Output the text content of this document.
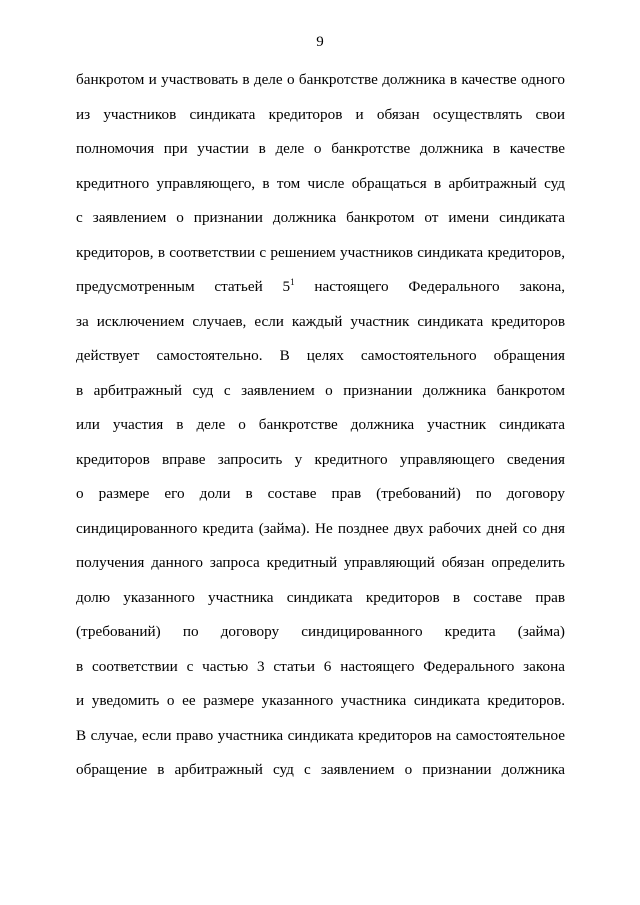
9
банкротом и участвовать в деле о банкротстве должника в качестве одного
из участников синдиката кредиторов и обязан осуществлять свои
полномочия при участии в деле о банкротстве должника в качестве
кредитного управляющего, в том числе обращаться в арбитражный суд
с заявлением о признании должника банкротом от имени синдиката
кредиторов, в соответствии с решением участников синдиката кредиторов,
предусмотренным статьей $5^1$ настоящего Федерального закона,
за исключением случаев, если каждый участник синдиката кредиторов
действует самостоятельно. В целях самостоятельного обращения
в арбитражный суд с заявлением о признании должника банкротом
или участия в деле о банкротстве должника участник синдиката
кредиторов вправе запросить у кредитного управляющего сведения
о размере его доли в составе прав (требований) по договору
синдицированного кредита (займа). Не позднее двух рабочих дней со дня
получения данного запроса кредитный управляющий обязан определить
долю указанного участника синдиката кредиторов в составе прав
(требований) по договору синдицированного кредита (займа)
в соответствии с частью 3 статьи 6 настоящего Федерального закона
и уведомить о ее размере указанного участника синдиката кредиторов.
В случае, если право участника синдиката кредиторов на самостоятельное
обращение в арбитражный суд с заявлением о признании должника
